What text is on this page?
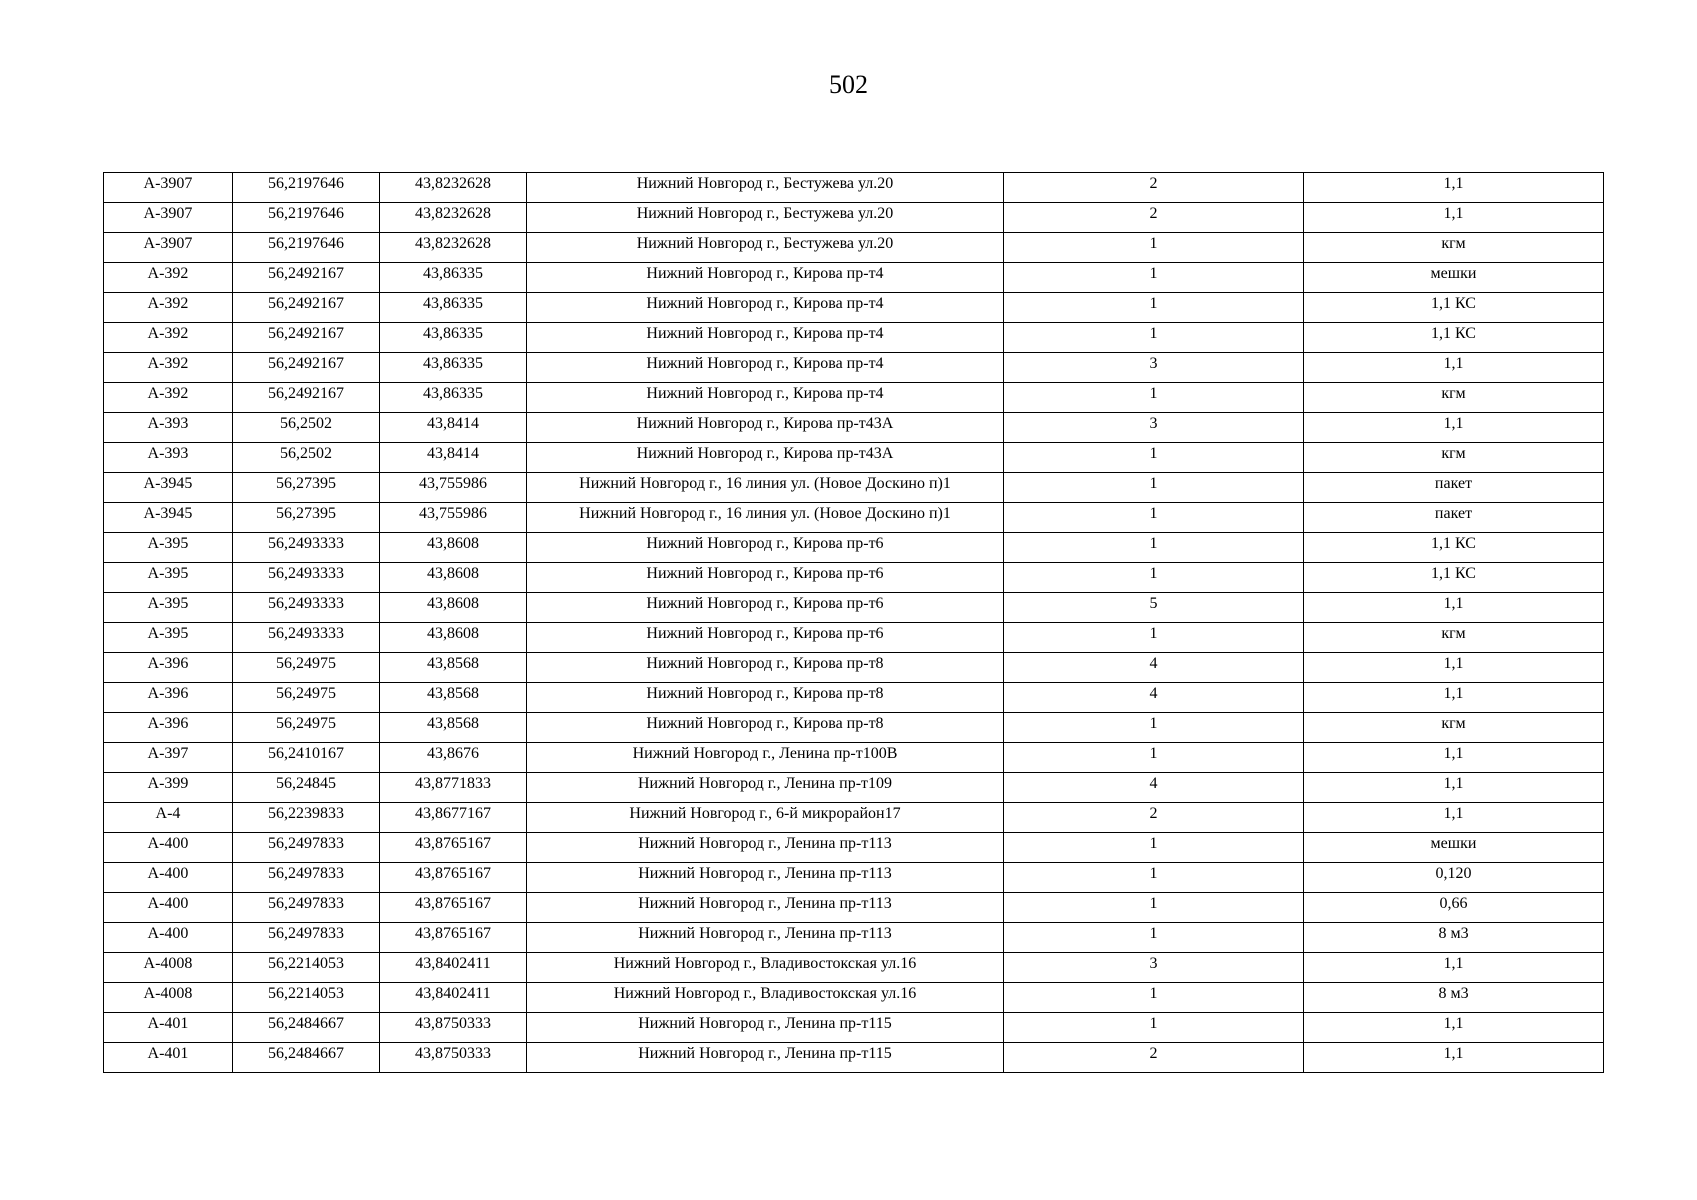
502
А-3907	56,2197646	43,8232628	Нижний Новгород г., Бестужева ул.20	2	1,1
А-3907	56,2197646	43,8232628	Нижний Новгород г., Бестужева ул.20	2	1,1
А-3907	56,2197646	43,8232628	Нижний Новгород г., Бестужева ул.20	1	кгм
А-392	56,2492167	43,86335	Нижний Новгород г., Кирова пр-т4	1	мешки
А-392	56,2492167	43,86335	Нижний Новгород г., Кирова пр-т4	1	1,1 КС
А-392	56,2492167	43,86335	Нижний Новгород г., Кирова пр-т4	1	1,1 КС
А-392	56,2492167	43,86335	Нижний Новгород г., Кирова пр-т4	3	1,1
А-392	56,2492167	43,86335	Нижний Новгород г., Кирова пр-т4	1	кгм
А-393	56,2502	43,8414	Нижний Новгород г., Кирова пр-т43А	3	1,1
А-393	56,2502	43,8414	Нижний Новгород г., Кирова пр-т43А	1	кгм
А-3945	56,27395	43,755986	Нижний Новгород г., 16 линия ул. (Новое Доскино п)1	1	пакет
А-3945	56,27395	43,755986	Нижний Новгород г., 16 линия ул. (Новое Доскино п)1	1	пакет
А-395	56,2493333	43,8608	Нижний Новгород г., Кирова пр-т6	1	1,1 КС
А-395	56,2493333	43,8608	Нижний Новгород г., Кирова пр-т6	1	1,1 КС
А-395	56,2493333	43,8608	Нижний Новгород г., Кирова пр-т6	5	1,1
А-395	56,2493333	43,8608	Нижний Новгород г., Кирова пр-т6	1	кгм
А-396	56,24975	43,8568	Нижний Новгород г., Кирова пр-т8	4	1,1
А-396	56,24975	43,8568	Нижний Новгород г., Кирова пр-т8	4	1,1
А-396	56,24975	43,8568	Нижний Новгород г., Кирова пр-т8	1	кгм
А-397	56,2410167	43,8676	Нижний Новгород г., Ленина пр-т100В	1	1,1
А-399	56,24845	43,8771833	Нижний Новгород г., Ленина пр-т109	4	1,1
А-4	56,2239833	43,8677167	Нижний Новгород г., 6-й микрорайон17	2	1,1
А-400	56,2497833	43,8765167	Нижний Новгород г., Ленина пр-т113	1	мешки
А-400	56,2497833	43,8765167	Нижний Новгород г., Ленина пр-т113	1	0,120
А-400	56,2497833	43,8765167	Нижний Новгород г., Ленина пр-т113	1	0,66
А-400	56,2497833	43,8765167	Нижний Новгород г., Ленина пр-т113	1	8 м3
А-4008	56,2214053	43,8402411	Нижний Новгород г., Владивостокская ул.16	3	1,1
А-4008	56,2214053	43,8402411	Нижний Новгород г., Владивостокская ул.16	1	8 м3
А-401	56,2484667	43,8750333	Нижний Новгород г., Ленина пр-т115	1	1,1
А-401	56,2484667	43,8750333	Нижний Новгород г., Ленина пр-т115	2	1,1
